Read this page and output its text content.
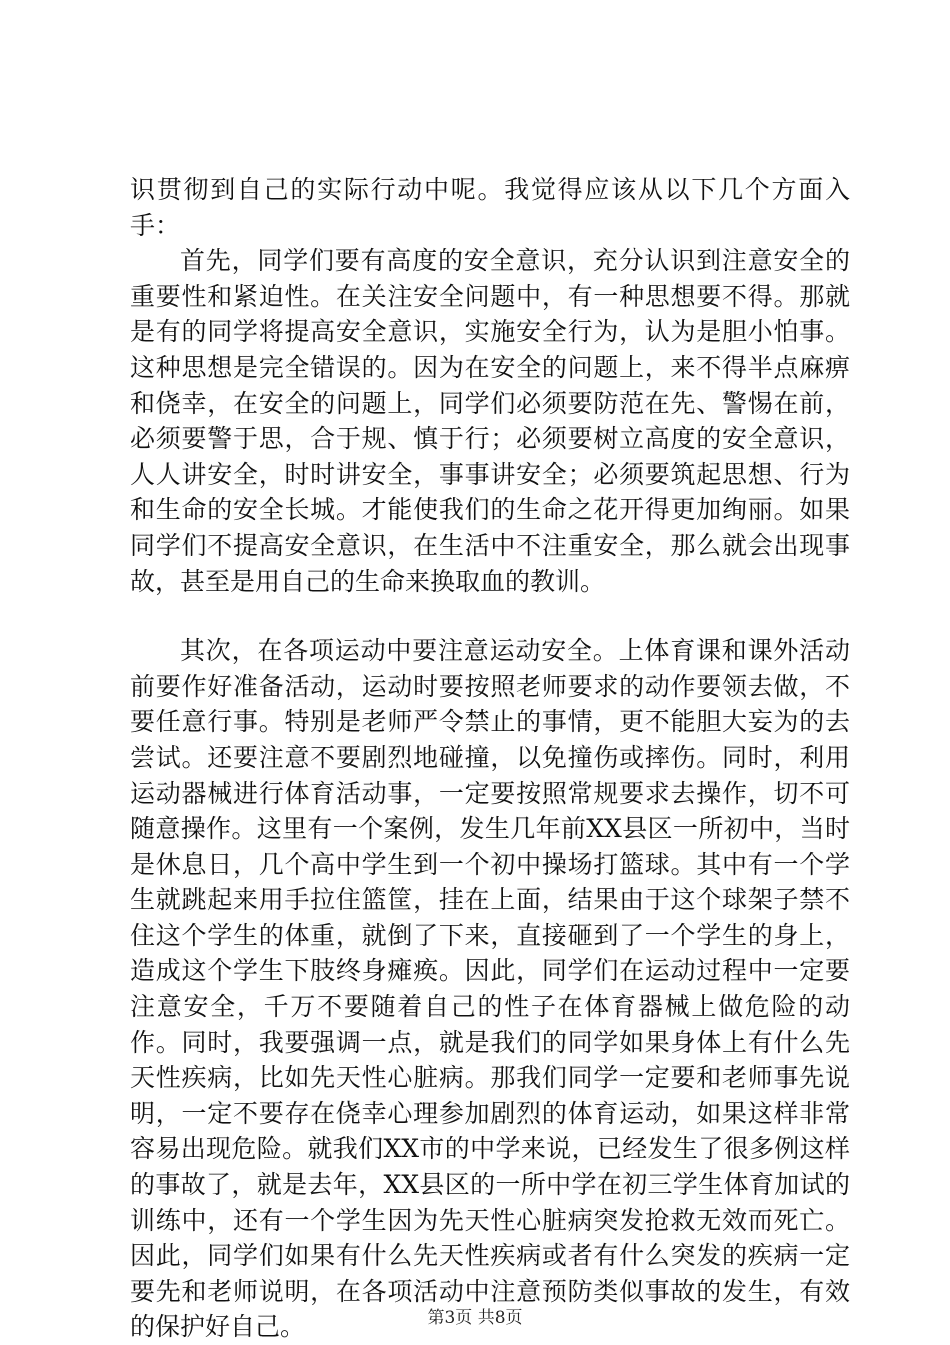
识贯彻到自己的实际行动中呢。我觉得应该从以下几个方面入手：

首先，同学们要有高度的安全意识，充分认识到注意安全的重要性和紧迫性。在关注安全问题中，有一种思想要不得。那就是有的同学将提高安全意识，实施安全行为，认为是胆小怕事。这种思想是完全错误的。因为在安全的问题上，来不得半点麻痹和侥幸，在安全的问题上，同学们必须要防范在先、警惕在前，必须要警于思，合于规、慎于行；必须要树立高度的安全意识，人人讲安全，时时讲安全，事事讲安全；必须要筑起思想、行为和生命的安全长城。才能使我们的生命之花开得更加绚丽。如果同学们不提高安全意识，在生活中不注重安全，那么就会出现事故，甚至是用自己的生命来换取血的教训。

其次，在各项运动中要注意运动安全。上体育课和课外活动前要作好准备活动，运动时要按照老师要求的动作要领去做，不要任意行事。特别是老师严令禁止的事情，更不能胆大妄为的去尝试。还要注意不要剧烈地碰撞，以免撞伤或摔伤。同时，利用运动器械进行体育活动事，一定要按照常规要求去操作，切不可随意操作。这里有一个案例，发生几年前XX县区一所初中，当时是休息日，几个高中学生到一个初中操场打篮球。其中有一个学生就跳起来用手拉住篮筐，挂在上面，结果由于这个球架子禁不住这个学生的体重，就倒了下来，直接砸到了一个学生的身上，造成这个学生下肢终身瘫痪。因此，同学们在运动过程中一定要注意安全，千万不要随着自己的性子在体育器械上做危险的动作。同时，我要强调一点，就是我们的同学如果身体上有什么先天性疾病，比如先天性心脏病。那我们同学一定要和老师事先说明，一定不要存在侥幸心理参加剧烈的体育运动，如果这样非常容易出现危险。就我们XX市的中学来说，已经发生了很多例这样的事故了，就是去年，XX县区的一所中学在初三学生体育加试的训练中，还有一个学生因为先天性心脏病突发抢救无效而死亡。因此，同学们如果有什么先天性疾病或者有什么突发的疾病一定要先和老师说明，在各项活动中注意预防类似事故的发生，有效的保护好自己。	第3页 共8页
